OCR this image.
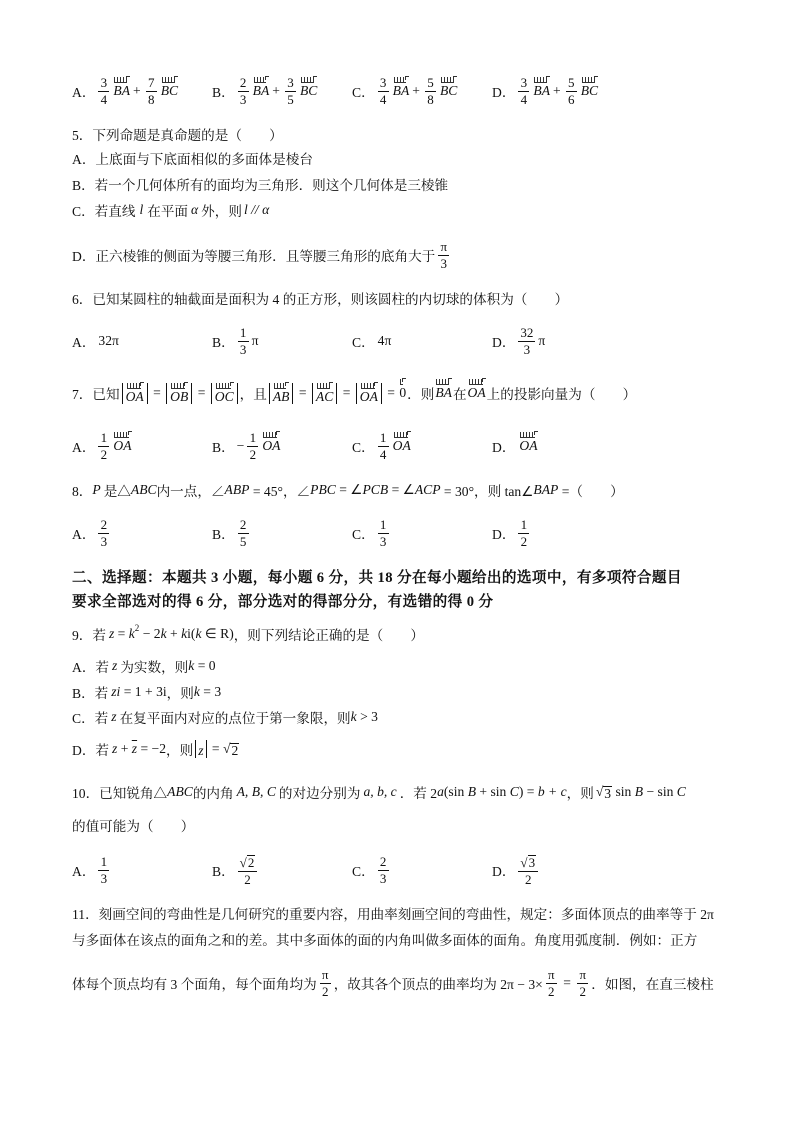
A． $\frac{3}{4}$ BA + $\frac{7}{8}$ BC B． $\frac{2}{3}$ BA + $\frac{3}{5}$ BC	C． $\frac{3}{4}$ BA + $\frac{5}{8}$ BC	D． $\frac{3}{4}$ BA + $\frac{5}{6}$ BC
5．下列命题是真命题的是（　　）
A．上底面与下底面相似的多面体是棱台
B．若一个几何体所有的面均为三角形．则这个几何体是三棱锥
C．若直线 l 在平面 α 外，则 l // α
D．正六棱锥的侧面为等腰三角形．且等腰三角形的底角大于 $\frac{\pi}{3}$
6．已知某圆柱的轴截面是面积为 4 的正方形，则该圆柱的内切球的体积为（　　）
A． 32π	B． $\frac{1}{3}$ π	C． 4π	D． $\frac{32}{3}$ π
7．已知 OA = OB = OC ，且 AB = AC = OA = 0 ．则 BA 在 OA 上的投影向量为（　　）
A． $\frac{1}{2}$ OA	B． − $\frac{1}{2}$ OA	C． $\frac{1}{4}$ OA	D． OA
8． P 是△ ABC 内一点，∠ ABP = 45°，∠ PBC = ∠ PCB = ∠ ACP = 30°，则 tan∠ BAP =（　　）
A． $\frac{2}{3}$	B． $\frac{2}{5}$	C． $\frac{1}{3}$	D． $\frac{1}{2}$
二、选择题：本题共 3 小题，每小题 6 分，共 18 分在每小题给出的选项中，有多项符合题目
要求全部选对的得 6 分，部分选对的得部分分，有选错的得 0 分
9．若 z = k 2 − 2 k + k i( k ∈ R) ，则下列结论正确的是（　　）
A．若 z 为实数，则 k = 0
B．若 zi = 1 + 3i ，则 k = 3
C．若 z 在复平面内对应的点位于第一象限，则 k > 3
D．若 $z + \overline{z} = -2$ ，则 z = √ 2
10．已知锐角△ ABC 的内角 A, B, C 的对边分别为 a, b, c ．若 2 a (sin B + sin C ) = b + c ，则 √ 3 sin B − sin C
的值可能为（　　）
A． $\frac{1}{3}$	B． $\frac{√ 2}{2}$	C． $\frac{2}{3}$	D． $\frac{√ 3}{2}$
11．刻画空间的弯曲性是几何研究的重要内容，用曲率刻画空间的弯曲性，规定：多面体顶点的曲率等于 2π
与多面体在该点的面角之和的差。其中多面体的面的内角叫做多面体的面角。角度用弧度制．例如：正方
体每个顶点均有 3 个面角，每个面角均为 $\frac{\pi}{2}$ ，故其各个顶点的曲率均为 $2\pi - 3\times \frac{\pi}{2} = \frac{\pi}{2}$ ．如图，在直三棱柱
